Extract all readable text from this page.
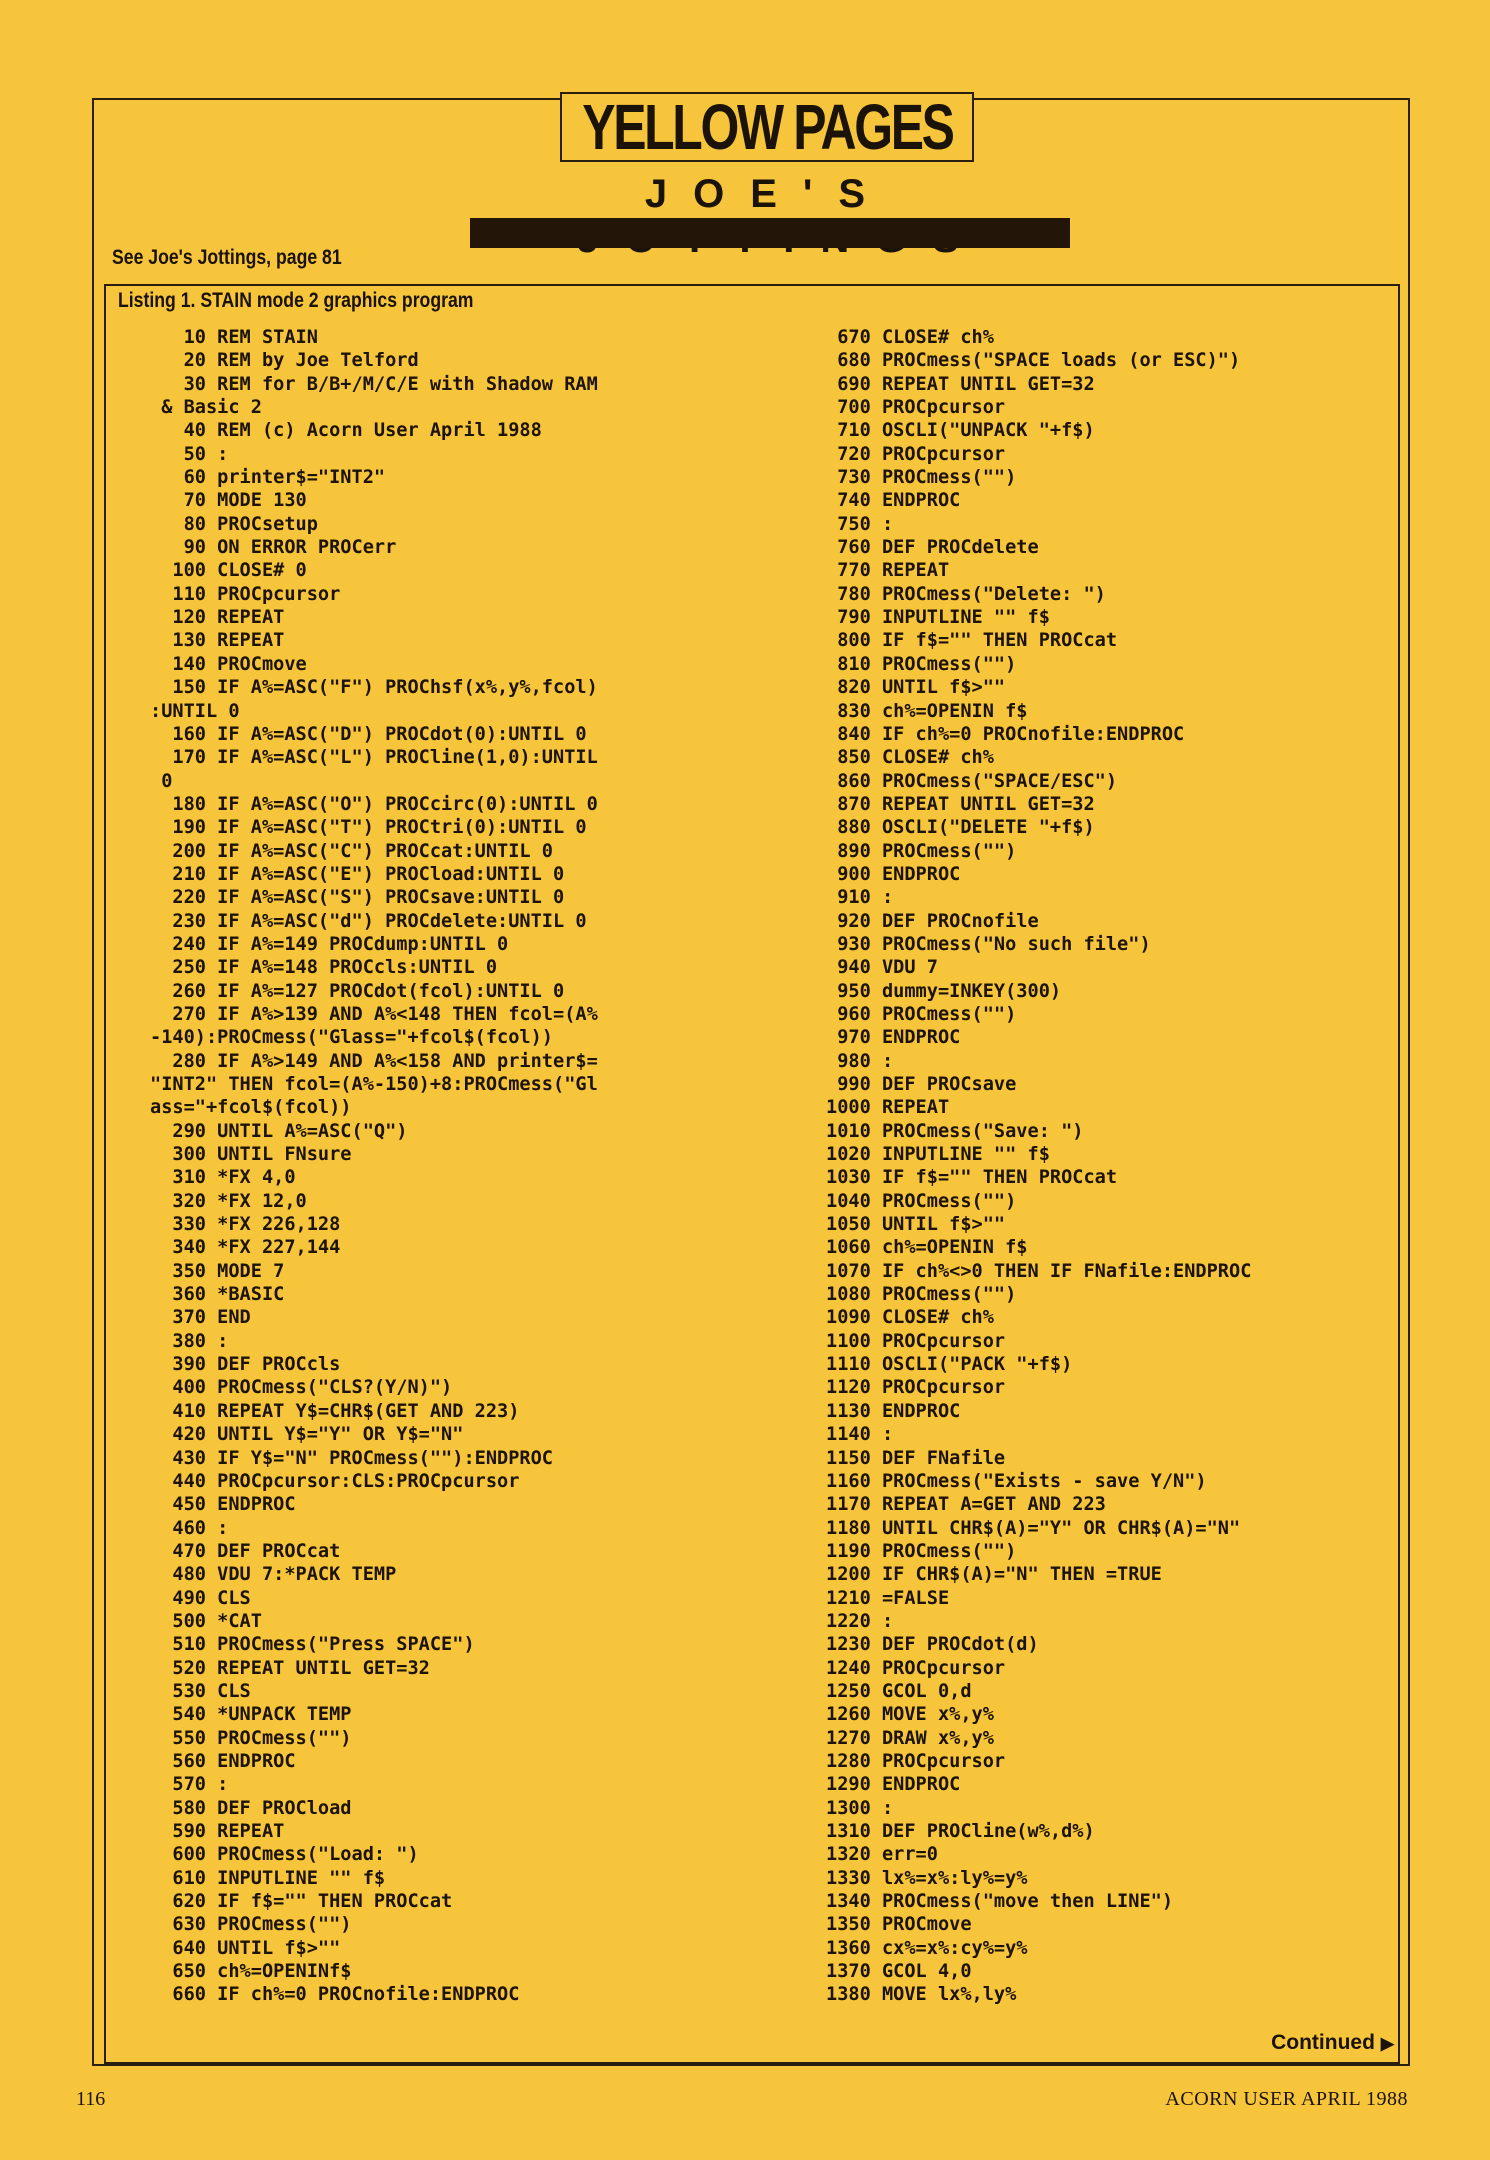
YELLOW PAGES
JOE'S
See Joe's Jottings, page 81
Listing 1. STAIN mode 2 graphics program
10 REM STAIN
20 REM by Joe Telford
30 REM for B/B+/M/C/E with Shadow RAM
& Basic 2
40 REM (c) Acorn User April 1988
50 :
60 printer$="INT2"
70 MODE 130
80 PROCsetup
90 ON ERROR PROCerr
100 CLOSE# 0
110 PROCpcursor
120 REPEAT
130 REPEAT
140 PROCmove
150 IF A%=ASC("F") PROChsf(x%,y%,fcol)
:UNTIL 0
160 IF A%=ASC("D") PROCdot(0):UNTIL 0
170 IF A%=ASC("L") PROCline(1,0):UNTIL
0
180 IF A%=ASC("O") PROCcirc(0):UNTIL 0
190 IF A%=ASC("T") PROCtri(0):UNTIL 0
200 IF A%=ASC("C") PROCcat:UNTIL 0
210 IF A%=ASC("E") PROCload:UNTIL 0
220 IF A%=ASC("S") PROCsave:UNTIL 0
230 IF A%=ASC("d") PROCdelete:UNTIL 0
240 IF A%=149 PROCdump:UNTIL 0
250 IF A%=148 PROCcls:UNTIL 0
260 IF A%=127 PROCdot(fcol):UNTIL 0
270 IF A%>139 AND A%<148 THEN fcol=(A%
-140):PROCmess("Glass="+fcol$(fcol))
280 IF A%>149 AND A%<158 AND printer$=
"INT2" THEN fcol=(A%-150)+8:PROCmess("Gl
ass="+fcol$(fcol))
290 UNTIL A%=ASC("Q")
300 UNTIL FNsure
310 *FX 4,0
320 *FX 12,0
330 *FX 226,128
340 *FX 227,144
350 MODE 7
360 *BASIC
370 END
380 :
390 DEF PROCcls
400 PROCmess("CLS?(Y/N)")
410 REPEAT Y$=CHR$(GET AND 223)
420 UNTIL Y$="Y" OR Y$="N"
430 IF Y$="N" PROCmess(""):ENDPROC
440 PROCpcursor:CLS:PROCpcursor
450 ENDPROC
460 :
470 DEF PROCcat
480 VDU 7:*PACK TEMP
490 CLS
500 *CAT
510 PROCmess("Press SPACE")
520 REPEAT UNTIL GET=32
530 CLS
540 *UNPACK TEMP
550 PROCmess("")
560 ENDPROC
570 :
580 DEF PROCload
590 REPEAT
600 PROCmess("Load: ")
610 INPUTLINE "" f$
620 IF f$="" THEN PROCcat
630 PROCmess("")
640 UNTIL f$>""
650 ch%=OPENINf$
660 IF ch%=0 PROCnofile:ENDPROC
670 CLOSE# ch%
680 PROCmess("SPACE loads (or ESC)")
690 REPEAT UNTIL GET=32
700 PROCpcursor
710 OSCLI("UNPACK "+f$)
720 PROCpcursor
730 PROCmess("")
740 ENDPROC
750 :
760 DEF PROCdelete
770 REPEAT
780 PROCmess("Delete: ")
790 INPUTLINE "" f$
800 IF f$="" THEN PROCcat
810 PROCmess("")
820 UNTIL f$>""
830 ch%=OPENIN f$
840 IF ch%=0 PROCnofile:ENDPROC
850 CLOSE# ch%
860 PROCmess("SPACE/ESC")
870 REPEAT UNTIL GET=32
880 OSCLI("DELETE "+f$)
890 PROCmess("")
900 ENDPROC
910 :
920 DEF PROCnofile
930 PROCmess("No such file")
940 VDU 7
950 dummy=INKEY(300)
960 PROCmess("")
970 ENDPROC
980 :
990 DEF PROCsave
1000 REPEAT
1010 PROCmess("Save: ")
1020 INPUTLINE "" f$
1030 IF f$="" THEN PROCcat
1040 PROCmess("")
1050 UNTIL f$>""
1060 ch%=OPENIN f$
1070 IF ch%<>0 THEN IF FNafile:ENDPROC
1080 PROCmess("")
1090 CLOSE# ch%
1100 PROCpcursor
1110 OSCLI("PACK "+f$)
1120 PROCpcursor
1130 ENDPROC
1140 :
1150 DEF FNafile
1160 PROCmess("Exists - save Y/N")
1170 REPEAT A=GET AND 223
1180 UNTIL CHR$(A)="Y" OR CHR$(A)="N"
1190 PROCmess("")
1200 IF CHR$(A)="N" THEN =TRUE
1210 =FALSE
1220 :
1230 DEF PROCdot(d)
1240 PROCpcursor
1250 GCOL 0,d
1260 MOVE x%,y%
1270 DRAW x%,y%
1280 PROCpcursor
1290 ENDPROC
1300 :
1310 DEF PROCline(w%,d%)
1320 err=0
1330 lx%=x%:ly%=y%
1340 PROCmess("move then LINE")
1350 PROCmove
1360 cx%=x%:cy%=y%
1370 GCOL 4,0
1380 MOVE lx%,ly%
Continued ▶
116	ACORN USER APRIL 1988
